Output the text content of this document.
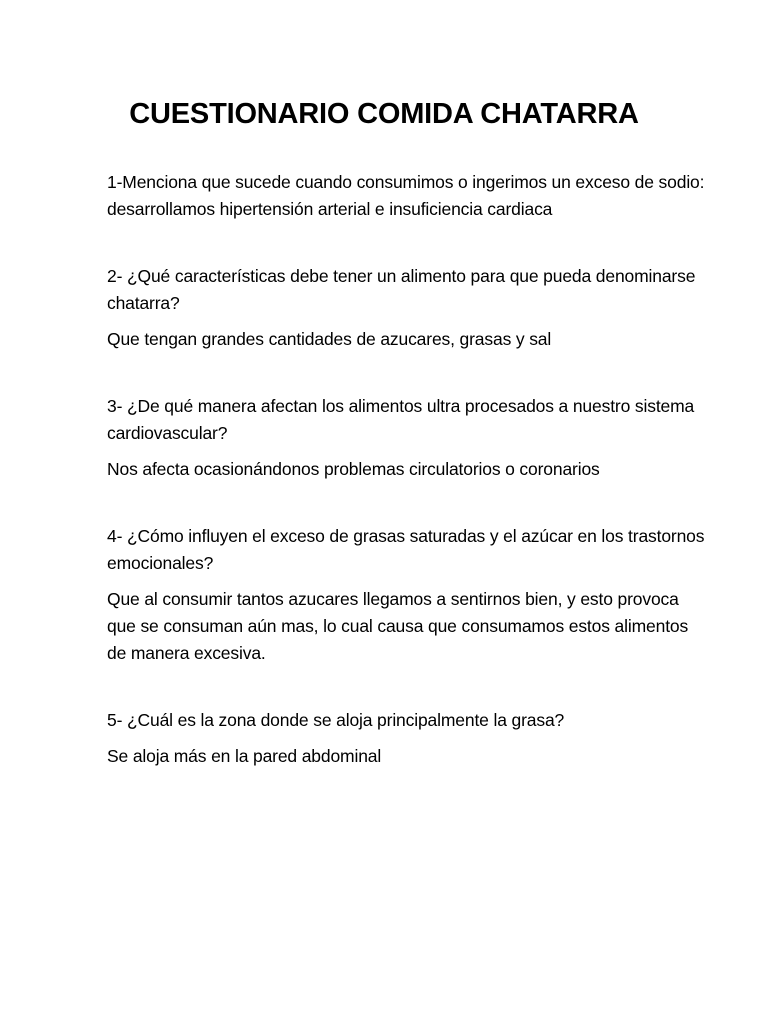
CUESTIONARIO COMIDA CHATARRA

1-Menciona que sucede cuando consumimos o ingerimos un exceso de sodio: desarrollamos hipertensión arterial e insuficiencia cardiaca

2- ¿Qué características debe tener un alimento para que pueda denominarse chatarra?

Que tengan grandes cantidades de azucares, grasas y sal

3- ¿De qué manera afectan los alimentos ultra procesados a nuestro sistema cardiovascular?

Nos afecta ocasionándonos problemas circulatorios o coronarios

4- ¿Cómo influyen el exceso de grasas saturadas y el azúcar en los trastornos emocionales?

Que al consumir tantos azucares llegamos a sentirnos bien, y esto provoca que se consuman aún mas, lo cual causa que consumamos estos alimentos de manera excesiva.

5- ¿Cuál es la zona donde se aloja principalmente la grasa?

Se aloja más en la pared abdominal
